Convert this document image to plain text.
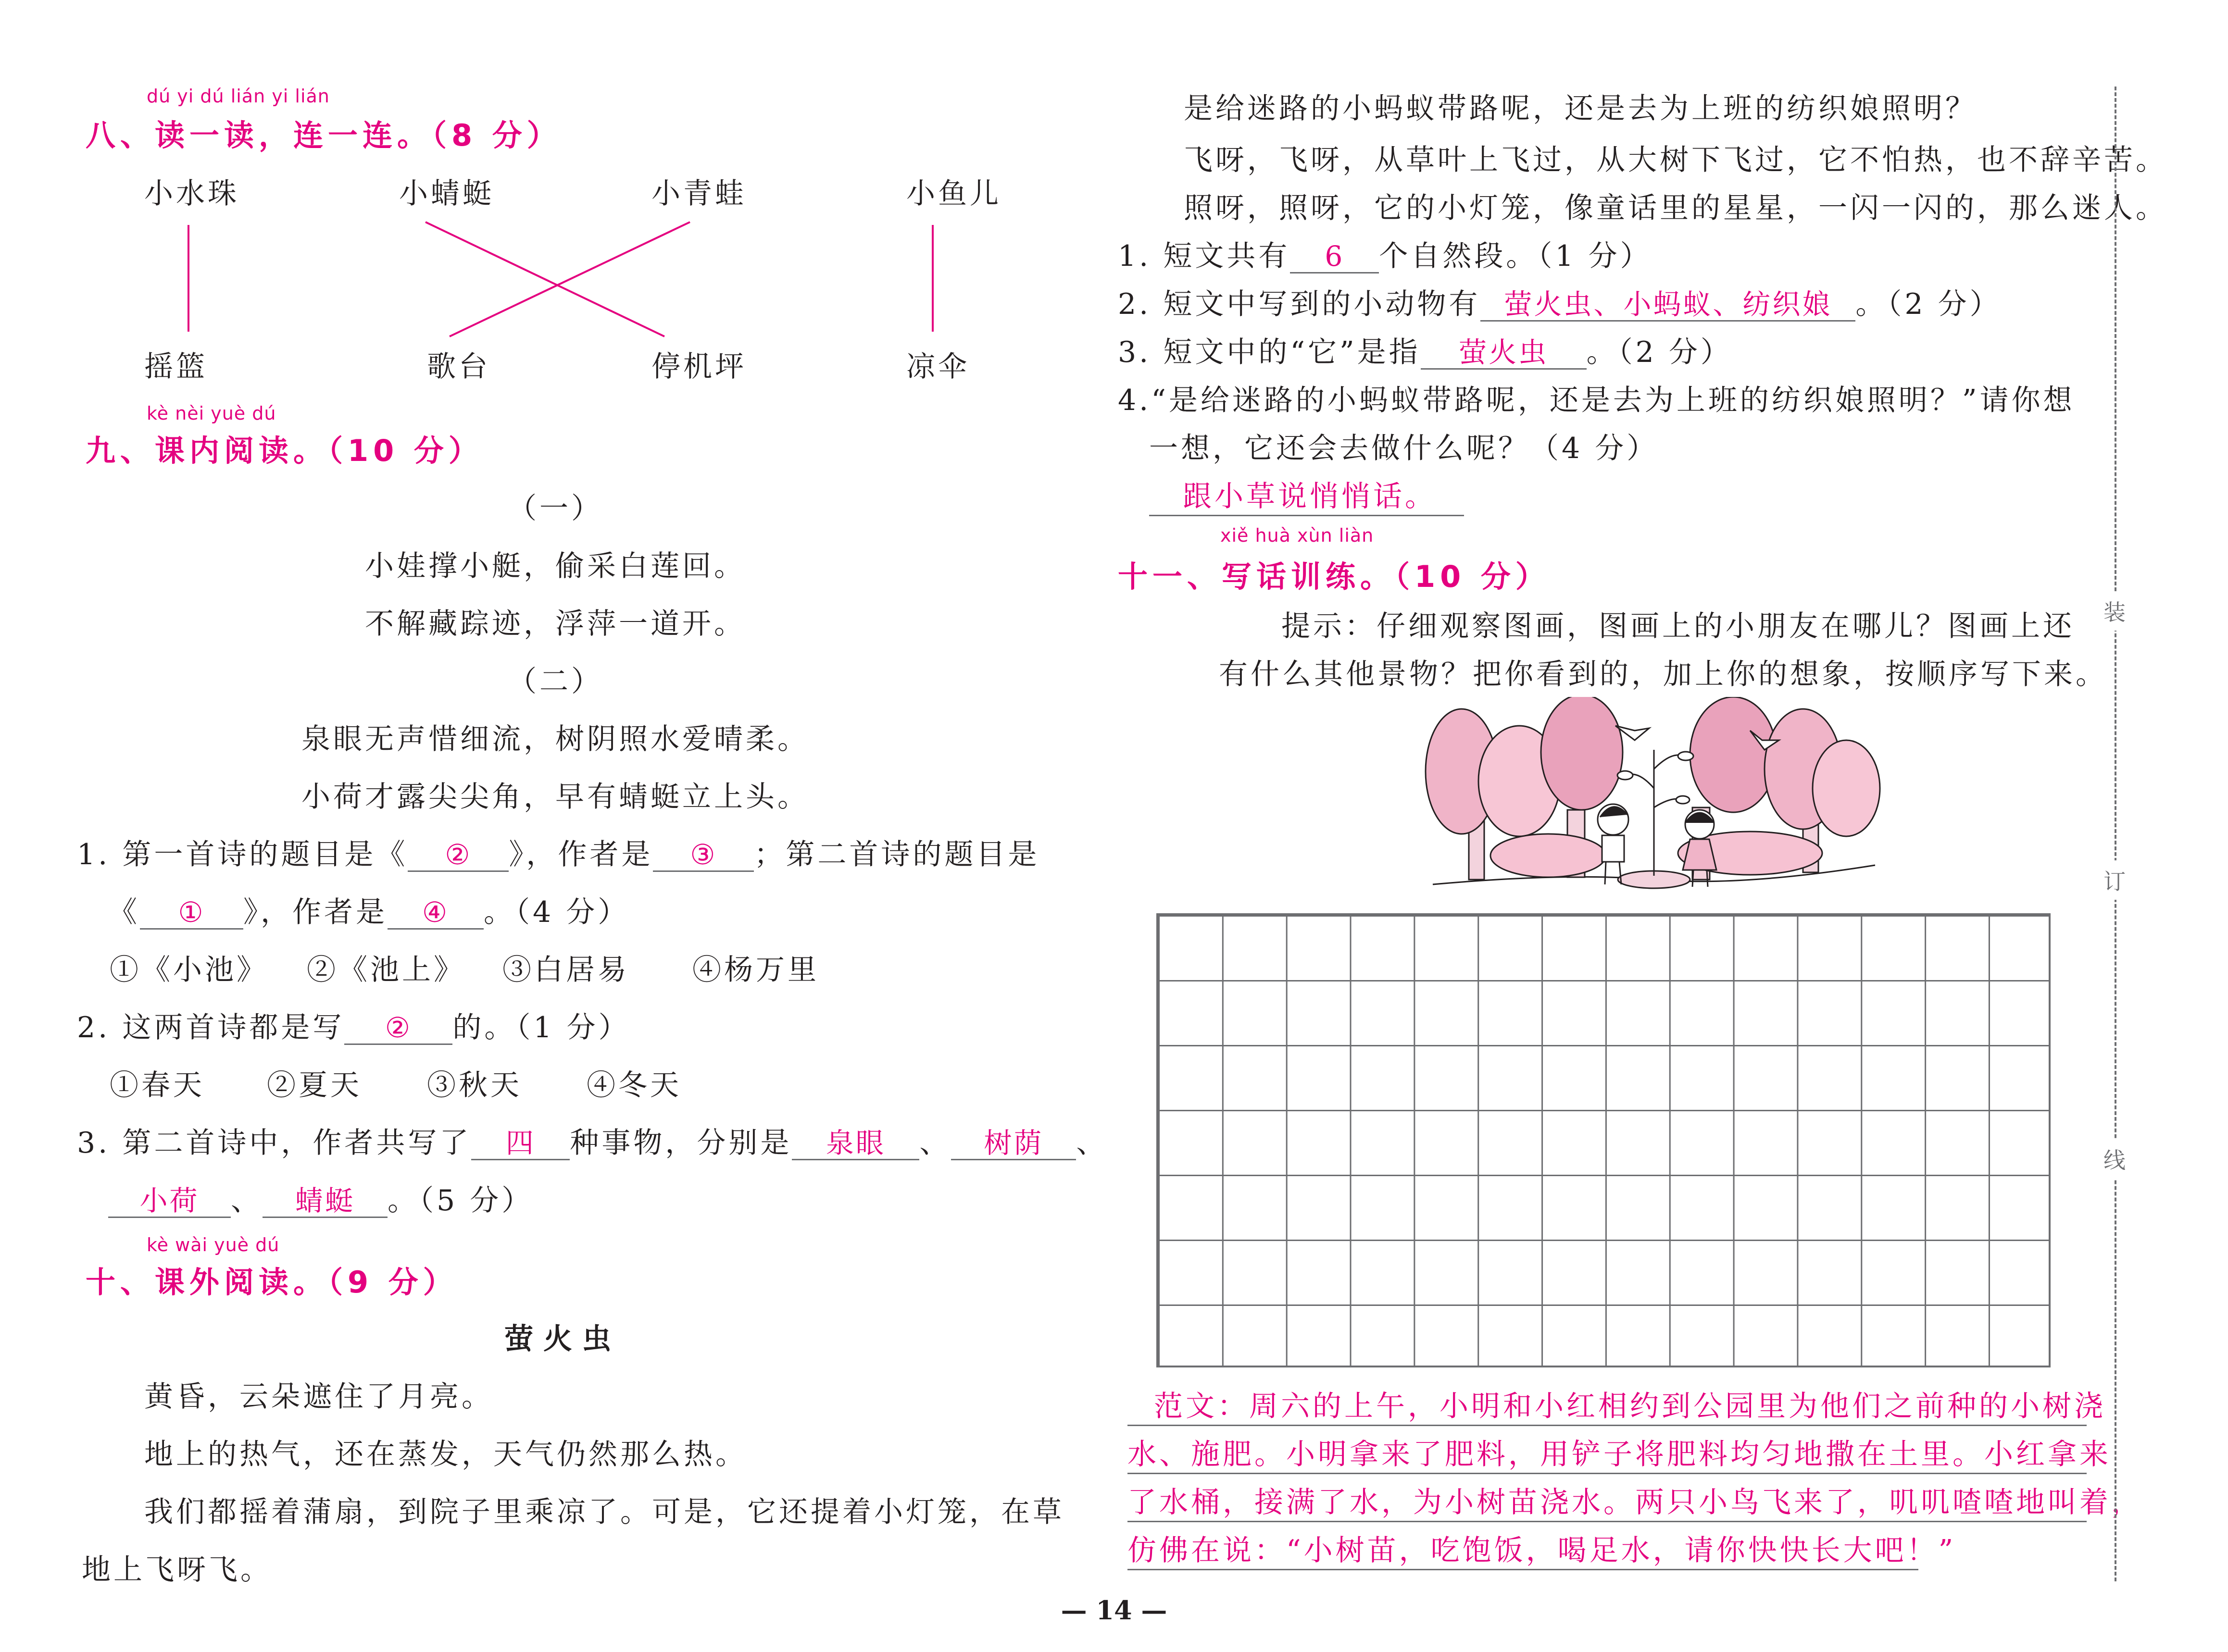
dú yi dú lián yi lián
八、读一读，连一连。（8 分）
小水珠	小蜻蜓	小青蛙	小鱼儿
摇篮	歌台	停机坪	凉伞
kè nèi yuè dú
九、课内阅读。（10 分）
（一）
小娃撑小艇，偷采白莲回。
不解藏踪迹，浮萍一道开。
（二）
泉眼无声惜细流，树阴照水爱晴柔。
小荷才露尖尖角，早有蜻蜓立上头。
1. 第一首诗的题目是《 ② 》，作者是 ③ ；第二首诗的题目是
《 ① 》，作者是 ④ 。（4 分）
①《小池》 ②《池上》 ③白居易 ④杨万里
2. 这两首诗都是写 ② 的。（1 分）
①春天 ②夏天 ③秋天 ④冬天
3. 第二首诗中，作者共写了 四 种事物，分别是 泉眼 、 树荫 、
小荷 、 蜻蜓 。（5 分）
kè wài yuè dú
十、课外阅读。（9 分）
萤 火 虫
黄昏，云朵遮住了月亮。
地上的热气，还在蒸发，天气仍然那么热。
我们都摇着蒲扇，到院子里乘凉了。可是，它还提着小灯笼，在草
地上飞呀飞。
是给迷路的小蚂蚁带路呢，还是去为上班的纺织娘照明？
飞呀，飞呀，从草叶上飞过，从大树下飞过，它不怕热，也不辞辛苦。
照呀，照呀，它的小灯笼，像童话里的星星，一闪一闪的，那么迷人。
1. 短文共有 6 个自然段。（1 分）
2. 短文中写到的小动物有 萤火虫、小蚂蚁、纺织娘 。（2 分）
3. 短文中的“它”是指 萤火虫 。（2 分）
4.“是给迷路的小蚂蚁带路呢，还是去为上班的纺织娘照明？”请你想
一想，它还会去做什么呢？（4 分）
跟小草说悄悄话。
xiě huà xùn liàn
十一、写话训练。（10 分）
提示：仔细观察图画，图画上的小朋友在哪儿？图画上还
有什么其他景物？把你看到的，加上你的想象，按顺序写下来。
范文：周六的上午，小明和小红相约到公园里为他们之前种的小树浇
水、施肥。小明拿来了肥料，用铲子将肥料均匀地撒在土里。小红拿来
了水桶，接满了水，为小树苗浇水。两只小鸟飞来了，叽叽喳喳地叫着，
仿佛在说：“小树苗，吃饱饭，喝足水，请你快快长大吧！”
装
订
线
— 14 —
